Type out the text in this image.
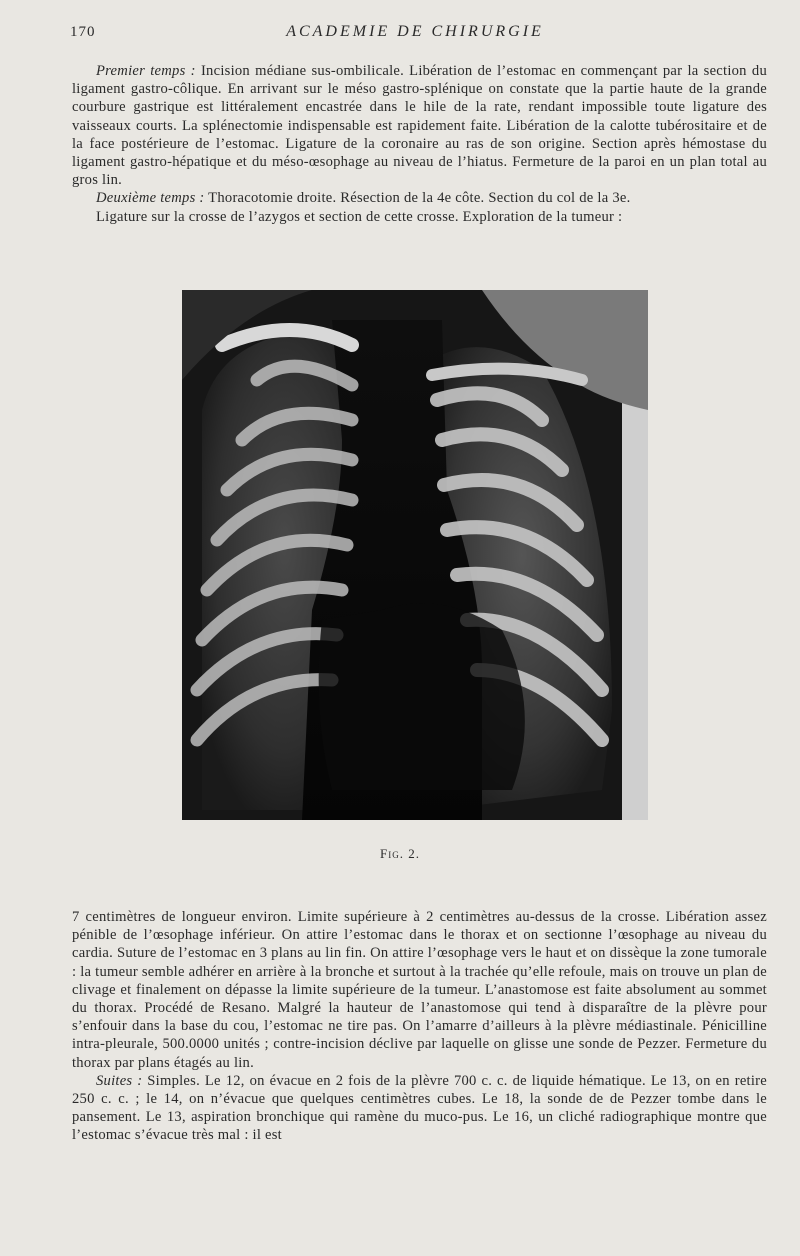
170	ACADEMIE DE CHIRURGIE

Premier temps : Incision médiane sus-ombilicale. Libération de l’estomac en commençant par la section du ligament gastro-côlique. En arrivant sur le méso gastro-splénique on constate que la partie haute de la grande courbure gastrique est littéralement encastrée dans le hile de la rate, rendant impossible toute ligature des vaisseaux courts. La splénectomie indispensable est rapidement faite. Libération de la calotte tubérositaire et de la face postérieure de l’estomac. Ligature de la coronaire au ras de son origine. Section après hémostase du ligament gastro-hépatique et du méso-œsophage au niveau de l’hiatus. Fermeture de la paroi en un plan total au gros lin.

Deuxième temps : Thoracotomie droite. Résection de la 4e côte. Section du col de la 3e.

Ligature sur la crosse de l’azygos et section de cette crosse. Exploration de la tumeur :

Fig. 2.

7 centimètres de longueur environ. Limite supérieure à 2 centimètres au-dessus de la crosse. Libération assez pénible de l’œsophage inférieur. On attire l’estomac dans le thorax et on sectionne l’œsophage au niveau du cardia. Suture de l’estomac en 3 plans au lin fin. On attire l’œsophage vers le haut et on dissèque la zone tumorale : la tumeur semble adhérer en arrière à la bronche et surtout à la trachée qu’elle refoule, mais on trouve un plan de clivage et finalement on dépasse la limite supérieure de la tumeur. L’anastomose est faite absolument au sommet du thorax. Procédé de Resano. Malgré la hauteur de l’anastomose qui tend à disparaître de la plèvre pour s’enfouir dans la base du cou, l’estomac ne tire pas. On l’amarre d’ailleurs à la plèvre médiastinale. Pénicilline intra-pleurale, 500.0000 unités ; contre-incision déclive par laquelle on glisse une sonde de Pezzer. Fermeture du thorax par plans étagés au lin.

Suites : Simples. Le 12, on évacue en 2 fois de la plèvre 700 c. c. de liquide hématique. Le 13, on en retire 250 c. c. ; le 14, on n’évacue que quelques centimètres cubes. Le 18, la sonde de de Pezzer tombe dans le pansement. Le 13, aspiration bronchique qui ramène du muco-pus. Le 16, un cliché radiographique montre que l’estomac s’évacue très mal : il est
